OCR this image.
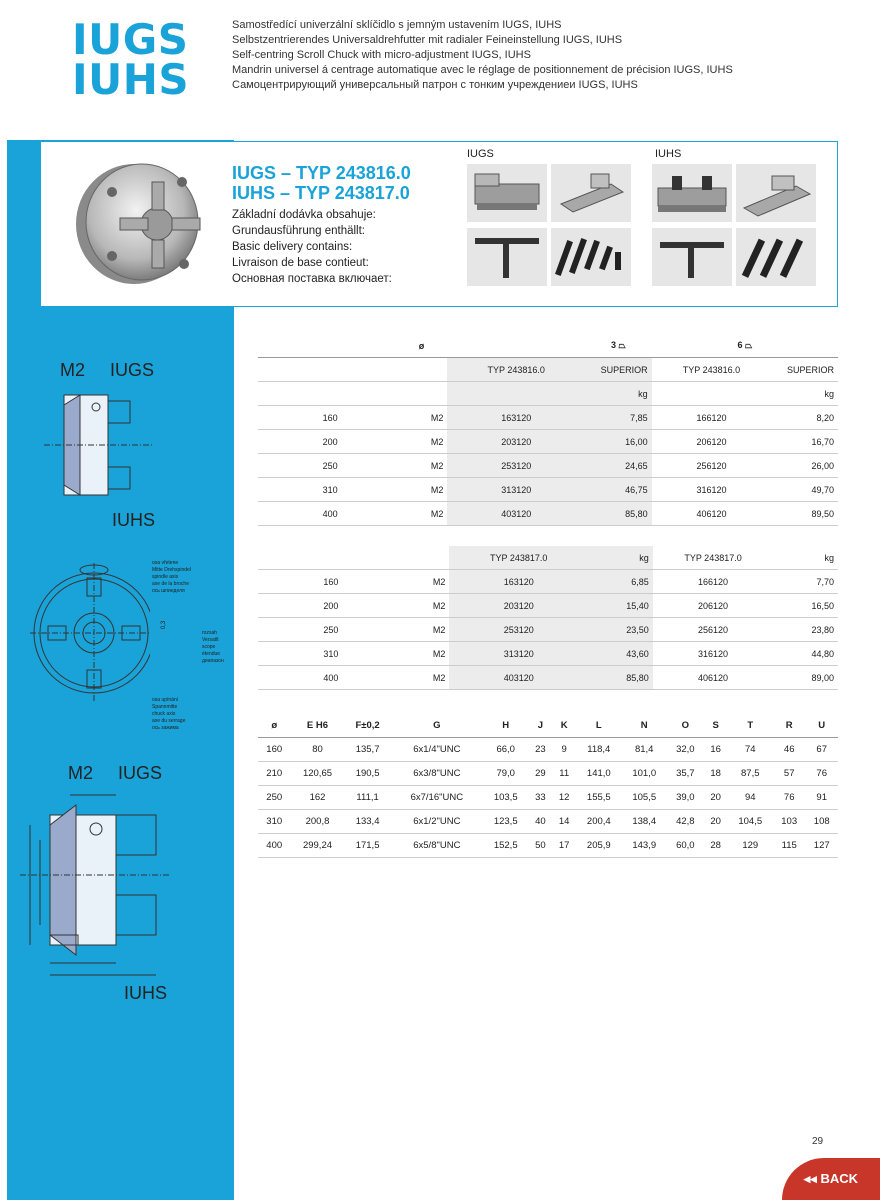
IUGS
IUHS
Samostředící univerzální sklíčidlo s jemným ustavením IUGS, IUHS
Selbstzentrierendes Universaldrehfutter mit radialer Feineinstellung IUGS, IUHS
Self-centring Scroll Chuck with micro-adjustment IUGS, IUHS
Mandrin universel á centrage automatique avec le réglage de positionnement de précision IUGS, IUHS
Самоцентрирующий универсальный патрон с тонким учреждениеи IUGS, IUHS
IUGS – TYP 243816.0
IUHS – TYP 243817.0
Základní dodávka obsahuje:
Grundausführung enthällt:
Basic delivery contains:
Livraison de base contieut:
Основная поставка включает:
IUGS	IUHS
M2 IUGS
IUHS
M2 IUGS
IUHS
osa vřetene
Mitte Drehspindel
spindle axis
axe de la broche
ось шпинделя
rozsah
Versatlt
scope
étendue
диапазон
osa upínání
Spannmitte
chuck axis
axe du serrage
ось зажима
0,3
ø			3 ⏢	6 ⏢	
		TYP 243816.0	SUPERIOR	TYP 243816.0	SUPERIOR
			kg		kg
160	M2	163120	7,85	166120	8,20
200	M2	203120	16,00	206120	16,70
250	M2	253120	24,65	256120	26,00
310	M2	313120	46,75	316120	49,70
400	M2	403120	85,80	406120	89,50
		TYP 243817.0	kg	TYP 243817.0	kg
160	M2	163120	6,85	166120	7,70
200	M2	203120	15,40	206120	16,50
250	M2	253120	23,50	256120	23,80
310	M2	313120	43,60	316120	44,80
400	M2	403120	85,80	406120	89,00
ø	E H6	F±0,2	G	H	J	K	L	N	O	S	T	R	U
160	80	135,7	6x1/4"UNC	66,0	23	9	118,4	81,4	32,0	16	74	46	67
210	120,65	190,5	6x3/8"UNC	79,0	29	11	141,0	101,0	35,7	18	87,5	57	76
250	162	111,1	6x7/16"UNC	103,5	33	12	155,5	105,5	39,0	20	94	76	91
310	200,8	133,4	6x1/2"UNC	123,5	40	14	200,4	138,4	42,8	20	104,5	103	108
400	299,24	171,5	6x5/8"UNC	152,5	50	17	205,9	143,9	60,0	28	129	115	127
29
◂◂ BACK
